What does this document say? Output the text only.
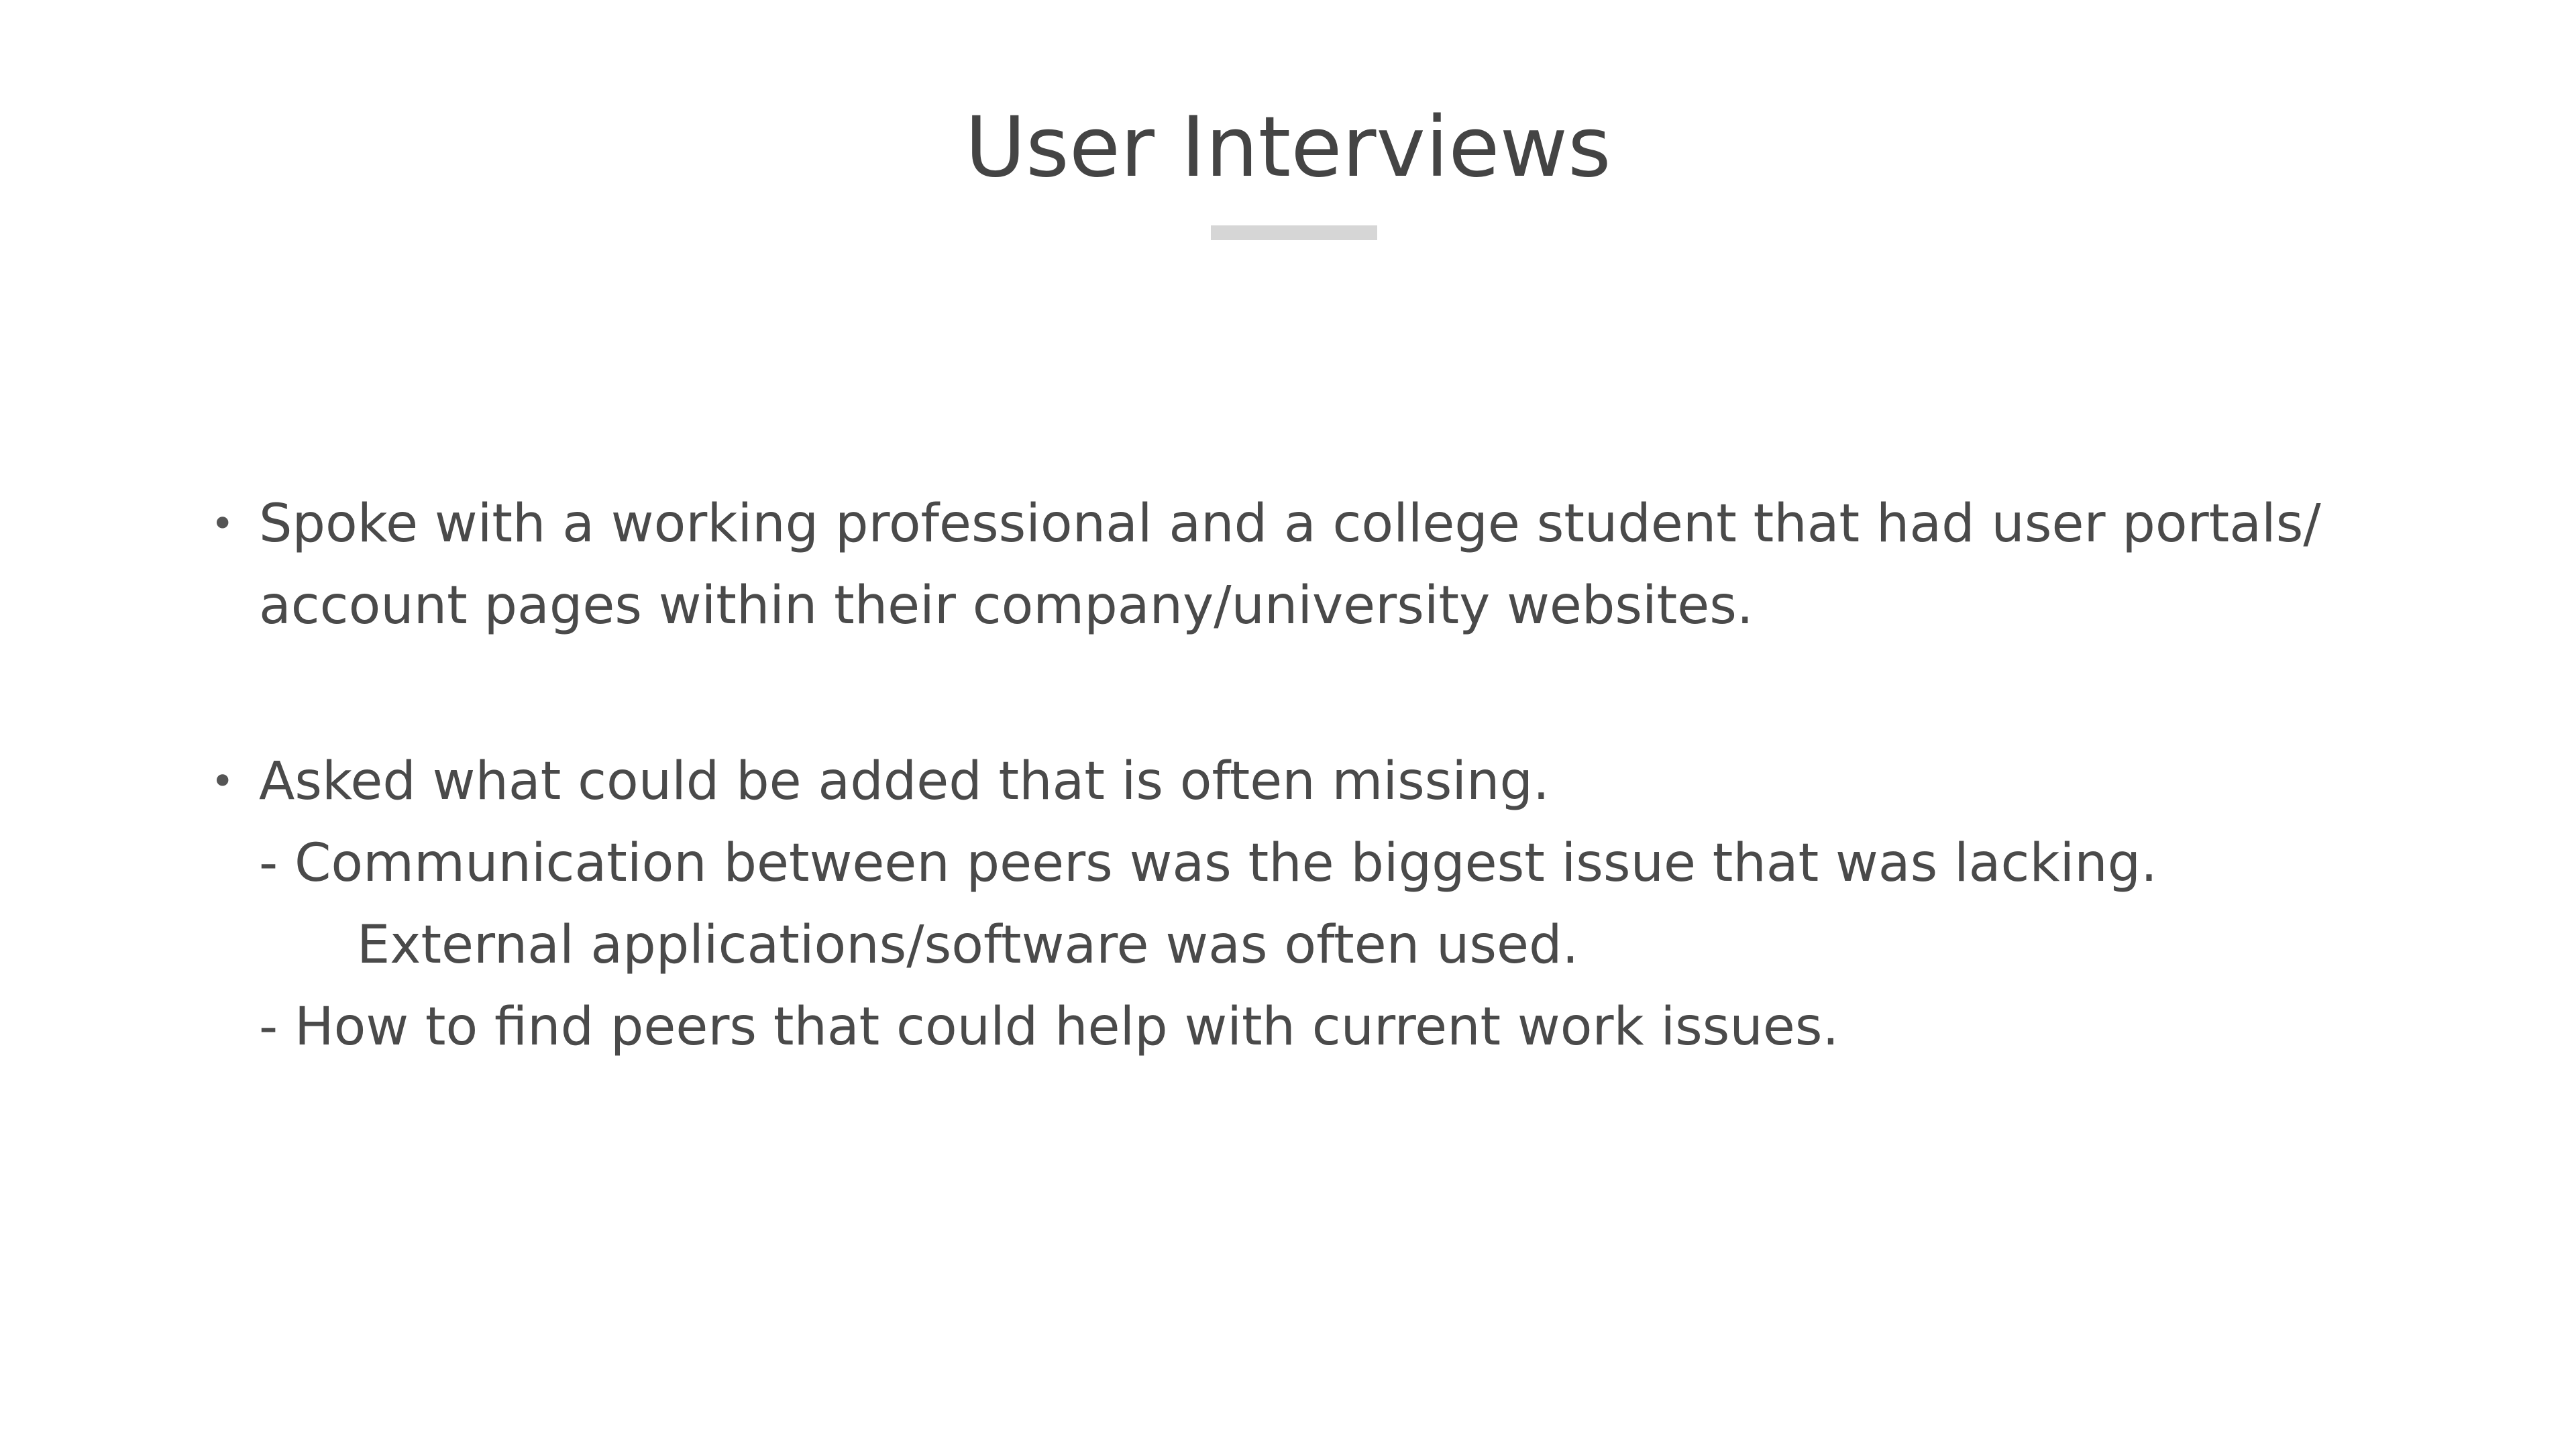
User Interviews
• Spoke with a working professional and a college student that had user portals/
account pages within their company/university websites.
• Asked what could be added that is often missing.
- Communication between peers was the biggest issue that was lacking.
External applications/software was often used.
- How to find peers that could help with current work issues.
